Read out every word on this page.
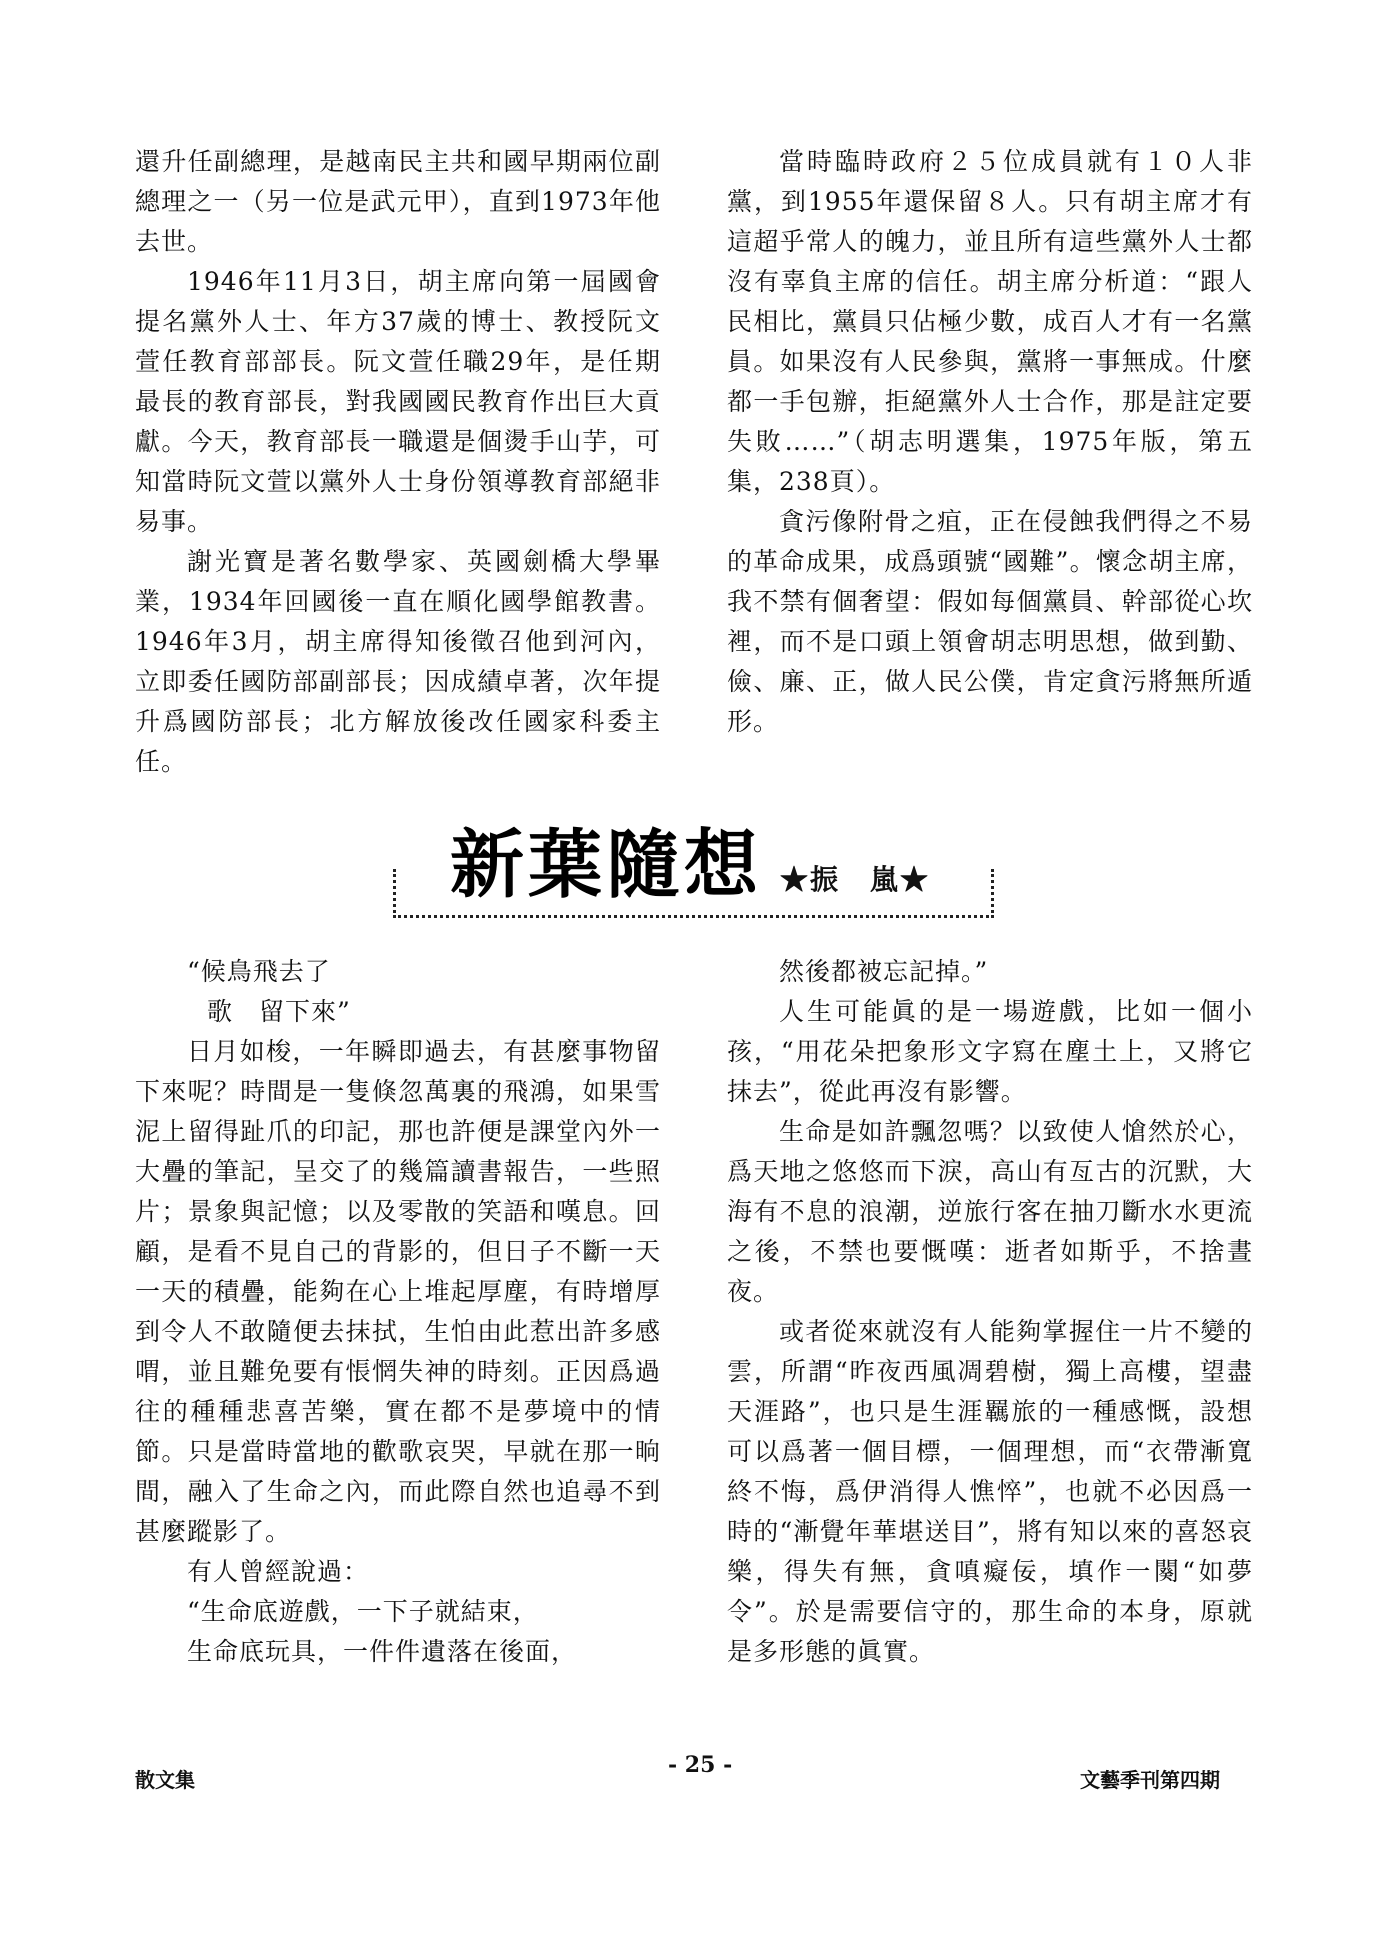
還升任副總理，是越南民主共和國早期兩位副總理之一（另一位是武元甲），直到1973年他去世。

1946年11月3日，胡主席向第一屆國會提名黨外人士、年方37歲的博士、教授阮文萱任教育部部長。阮文萱任職29年，是任期最長的教育部長，對我國國民教育作出巨大貢獻。今天，教育部長一職還是個燙手山芋，可知當時阮文萱以黨外人士身份領導教育部絕非易事。

謝光寶是著名數學家、英國劍橋大學畢業，1934年回國後一直在順化國學館教書。1946年3月，胡主席得知後徵召他到河內，立即委任國防部副部長；因成績卓著，次年提升爲國防部長；北方解放後改任國家科委主任。

當時臨時政府２５位成員就有１０人非黨，到1955年還保留８人。只有胡主席才有這超乎常人的魄力，並且所有這些黨外人士都沒有辜負主席的信任。胡主席分析道：“跟人民相比，黨員只佔極少數，成百人才有一名黨員。如果沒有人民參與，黨將一事無成。什麼都一手包辦，拒絕黨外人士合作，那是註定要失敗……”（胡志明選集，1975年版，第五集，238頁）。

貪污像附骨之疽，正在侵蝕我們得之不易的革命成果，成爲頭號“國難”。懷念胡主席，我不禁有個奢望：假如每個黨員、幹部從心坎裡，而不是口頭上領會胡志明思想，做到勤、儉、廉、正，做人民公僕，肯定貪污將無所遁形。

新葉隨想 ★振 嵐★

“候鳥飛去了

歌　留下來”

日月如梭，一年瞬即過去，有甚麼事物留下來呢？時間是一隻倏忽萬裏的飛鴻，如果雪泥上留得趾爪的印記，那也許便是課堂內外一大疊的筆記，呈交了的幾篇讀書報告，一些照片；景象與記憶；以及零散的笑語和嘆息。回顧，是看不見自己的背影的，但日子不斷一天一天的積疊，能夠在心上堆起厚塵，有時增厚到令人不敢隨便去抹拭，生怕由此惹出許多感喟，並且難免要有悵惘失神的時刻。正因爲過往的種種悲喜苦樂，實在都不是夢境中的情節。只是當時當地的歡歌哀哭，早就在那一晌間，融入了生命之內，而此際自然也追尋不到甚麼蹤影了。

有人曾經說過：

“生命底遊戲，一下子就結束，

生命底玩具，一件件遺落在後面，

然後都被忘記掉。”

人生可能眞的是一場遊戲，比如一個小孩，“用花朵把象形文字寫在塵土上，又將它抹去”，從此再沒有影響。

生命是如許飄忽嗎？以致使人愴然於心，爲天地之悠悠而下淚，高山有亙古的沉默，大海有不息的浪潮，逆旅行客在抽刀斷水水更流之後，不禁也要慨嘆：逝者如斯乎，不捨晝夜。

或者從來就沒有人能夠掌握住一片不變的雲，所謂“昨夜西風凋碧樹，獨上高樓，望盡天涯路”，也只是生涯羈旅的一種感慨，設想可以爲著一個目標，一個理想，而“衣帶漸寬終不悔，爲伊消得人憔悴”，也就不必因爲一時的“漸覺年華堪送目”，將有知以來的喜怒哀樂，得失有無，貪嗔癡佞，填作一闋“如夢令”。於是需要信守的，那生命的本身，原就是多形態的眞實。

散文集
- 25 -
文藝季刊第四期
